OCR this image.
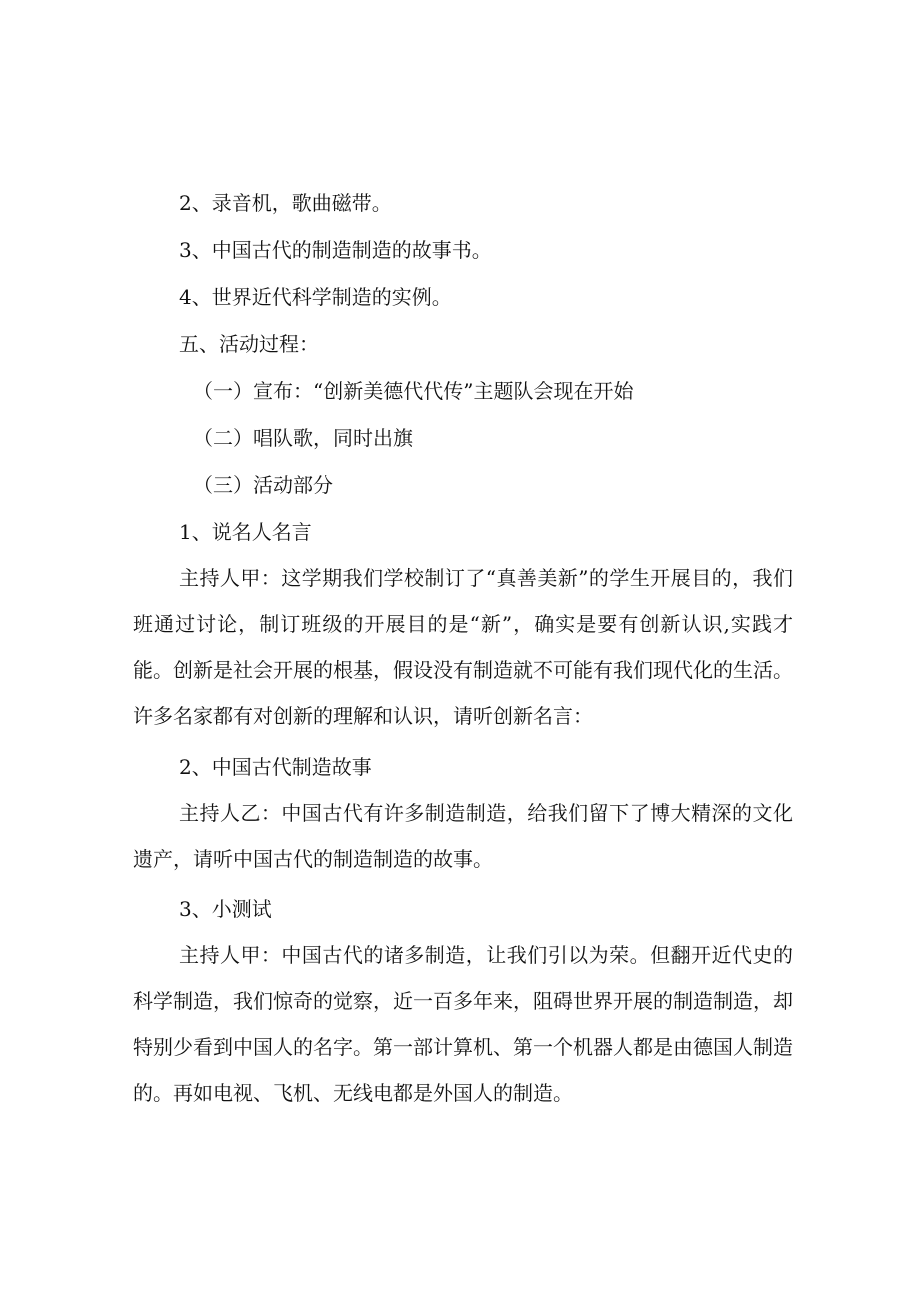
2、录音机，歌曲磁带。

3、中国古代的制造制造的故事书。

4、世界近代科学制造的实例。

五、活动过程：

（一）宣布：“创新美德代代传”主题队会现在开始

（二）唱队歌，同时出旗

（三）活动部分

1、说名人名言

主持人甲：这学期我们学校制订了“真善美新”的学生开展目的，我们班通过讨论，制订班级的开展目的是“新”，确实是要有创新认识,实践才能。创新是社会开展的根基，假设没有制造就不可能有我们现代化的生活。许多名家都有对创新的理解和认识，请听创新名言：

2、中国古代制造故事

主持人乙：中国古代有许多制造制造，给我们留下了博大精深的文化遗产，请听中国古代的制造制造的故事。

3、小测试

主持人甲：中国古代的诸多制造，让我们引以为荣。但翻开近代史的科学制造，我们惊奇的觉察，近一百多年来，阻碍世界开展的制造制造，却特别少看到中国人的名字。第一部计算机、第一个机器人都是由德国人制造的。再如电视、飞机、无线电都是外国人的制造。
